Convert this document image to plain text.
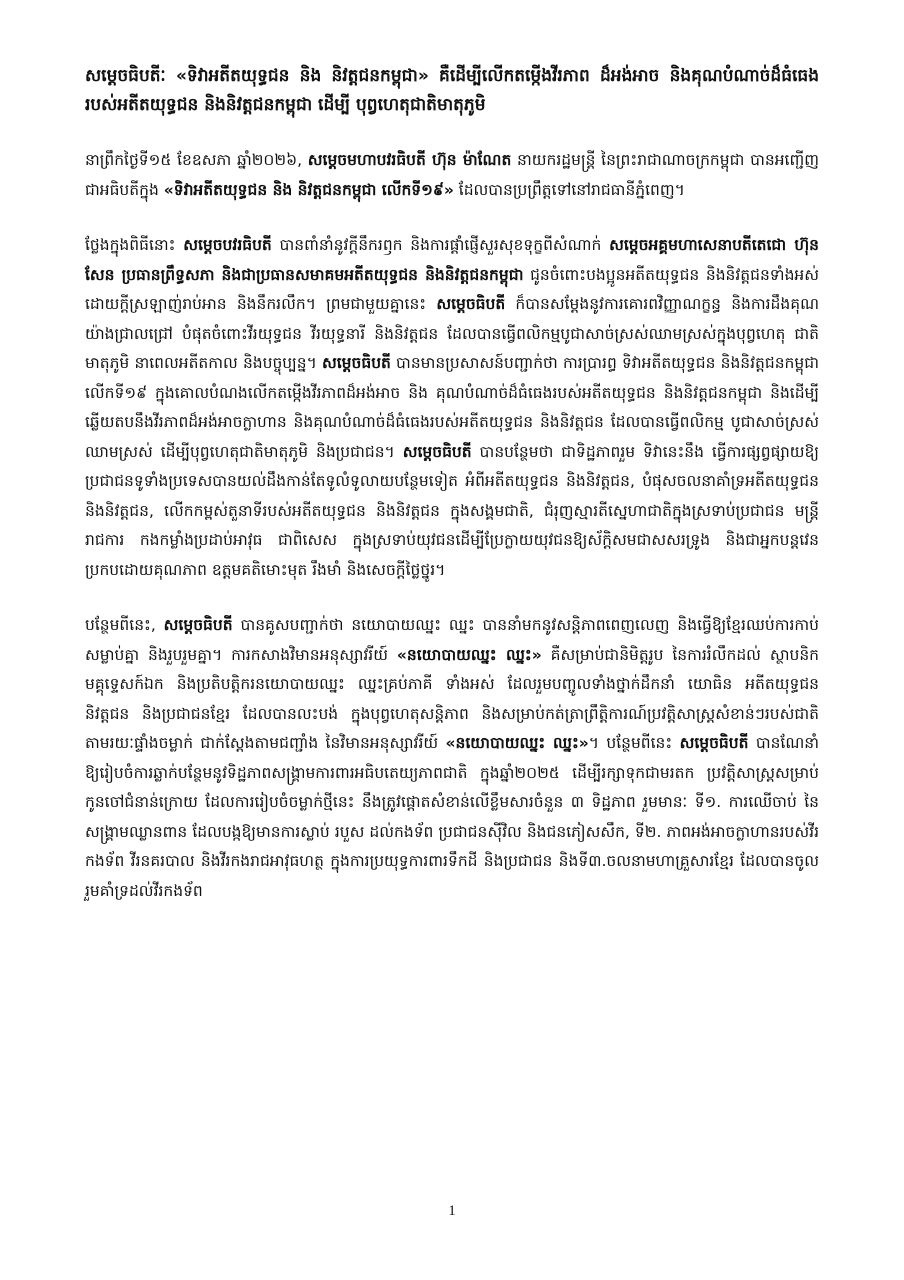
សម្តេចធិបតីៈ «ទិវាអតីតយុទ្ធជន និង និវត្តជនកម្ពុជា» គឺដើម្បីលើកតម្កើងវីរភាព ដ៏អង់អាច និងគុណបំណាច់ដ៏ធំធេងរបស់អតីតយុទ្ធជន និងនិវត្តជនកម្ពុជា ដើម្បី បុព្វហេតុជាតិមាតុភូមិ

នាព្រឹកថ្ងៃទី១៥ ខែឧសភា ឆ្នាំ២០២៦, សម្តេចមហាបវរធិបតី ហ៊ុន ម៉ាណែត នាយករដ្ឋមន្ត្រី នៃព្រះរាជាណាចក្រកម្ពុជា បានអញ្ជើញជាអធិបតីក្នុង «ទិវាអតីតយុទ្ធជន និង និវត្តជនកម្ពុជា លើកទី១៩» ដែលបានប្រព្រឹត្តទៅនៅរាជធានីភ្នំពេញ។

ថ្លែងក្នុងពិធីនោះ សម្តេចបវរធិបតី បានពាំនាំនូវក្តីនឹករឭក និងការផ្តាំផ្ញើសួរសុខទុក្ខពីសំណាក់ សម្តេចអគ្គមហាសេនាបតីតេជោ ហ៊ុន សែន ប្រធានព្រឹទ្ធសភា និងជាប្រធានសមាគមអតីតយុទ្ធជន និងនិវត្តជនកម្ពុជា ជូនចំពោះបងប្អូនអតីតយុទ្ធជន និងនិវត្តជនទាំងអស់ ដោយក្តីស្រឡាញ់រាប់អាន និងនឹករលឹក។ ព្រមជាមួយគ្នានេះ សម្តេចធិបតី ក៏បានសម្តែងនូវការគោរពវិញ្ញាណក្ខន្ធ និងការដឹងគុណយ៉ាងជ្រាលជ្រៅ បំផុតចំពោះវីរយុទ្ធជន វីរយុទ្ធនារី និងនិវត្តជន ដែលបានធ្វើពលិកម្មបូជាសាច់ស្រស់ឈាមស្រស់ក្នុងបុព្វហេតុ ជាតិមាតុភូមិ នាពេលអតីតកាល និងបច្ចុប្បន្ន។ សម្តេចធិបតី បានមានប្រសាសន៍បញ្ជាក់ថា ការប្រារព្ធ ទិវាអតីតយុទ្ធជន និងនិវត្តជនកម្ពុជា លើកទី១៩ ក្នុងគោលបំណងលើកតម្កើងវីរភាពដ៏អង់អាច និង គុណបំណាច់ដ៏ធំធេងរបស់អតីតយុទ្ធជន និងនិវត្តជនកម្ពុជា និងដើម្បីឆ្លើយតបនឹងវីរភាពដ៏អង់អាចក្លាហាន និងគុណបំណាច់ដ៏ធំធេងរបស់អតីតយុទ្ធជន និងនិវត្តជន ដែលបានធ្វើពលិកម្ម បូជាសាច់ស្រស់ ឈាមស្រស់ ដើម្បីបុព្វហេតុជាតិមាតុភូមិ និងប្រជាជន។ សម្តេចធិបតី បានបន្ថែមថា ជាទិដ្ឋភាពរួម ទិវានេះនឹង ធ្វើការផ្សព្វផ្សាយឱ្យប្រជាជនទូទាំងប្រទេសបានយល់ដឹងកាន់តែទូលំទូលាយបន្ថែមទៀត អំពីអតីតយុទ្ធជន និងនិវត្តជន, បំផុសចលនាគាំទ្រអតីតយុទ្ធជន និងនិវត្តជន, លើកកម្ពស់តួនាទីរបស់អតីតយុទ្ធជន និងនិវត្តជន ក្នុងសង្គមជាតិ, ជំរុញស្មារតីស្នេហាជាតិក្នុងស្រទាប់ប្រជាជន មន្ត្រីរាជការ កងកម្លាំងប្រដាប់អាវុធ ជាពិសេស ក្នុងស្រទាប់យុវជនដើម្បីប្រែក្លាយយុវជនឱ្យស័ក្តិសមជាសសរទ្រូង និងជាអ្នកបន្តវេនប្រកបដោយគុណភាព ឧត្តមគតិមោះមុត រឹងមាំ និងសេចក្តីថ្លៃថ្នូរ។

បន្ថែមពីនេះ, សម្តេចធិបតី បានគូសបញ្ជាក់ថា នយោបាយឈ្នះ ឈ្នះ បាននាំមកនូវសន្តិភាពពេញលេញ និងធ្វើឱ្យខ្មែរឈប់ការកាប់សម្លាប់គ្នា និងរួបរួមគ្នា។ ការកសាងវិមានអនុស្សាវរីយ៍ «នយោបាយឈ្នះ ឈ្នះ» គឺសម្រាប់ជានិមិត្តរូប នៃការរំលឹកដល់ ស្ថាបនិកមគ្គុទ្ទេសក៍ឯក និងប្រតិបត្តិករនយោបាយឈ្នះ ឈ្នះគ្រប់ភាគី ទាំងអស់ ដែលរួមបញ្ចូលទាំងថ្នាក់ដឹកនាំ យោធិន អតីតយុទ្ធជន និវត្តជន និងប្រជាជនខ្មែរ ដែលបានលះបង់ ក្នុងបុព្វហេតុសន្តិភាព និងសម្រាប់កត់ត្រាព្រឹត្តិការណ៍ប្រវត្តិសាស្ត្រសំខាន់ៗរបស់ជាតិ តាមរយៈផ្ទាំងចម្លាក់ ជាក់ស្តែងតាមជញ្ជាំង នៃវិមានអនុស្សាវរីយ៍ «នយោបាយឈ្នះ ឈ្នះ»។ បន្ថែមពីនេះ សម្តេចធិបតី បានណែនាំ ឱ្យរៀបចំការឆ្លាក់បន្ថែមនូវទិដ្ឋភាពសង្គ្រាមការពារអធិបតេយ្យភាពជាតិ ក្នុងឆ្នាំ២០២៥ ដើម្បីរក្សាទុកជាមរតក ប្រវត្តិសាស្ត្រសម្រាប់កូនចៅជំនាន់ក្រោយ ដែលការរៀបចំចម្លាក់ថ្មីនេះ នឹងត្រូវផ្តោតសំខាន់លើខ្លឹមសារចំនួន ៣ ទិដ្ឋភាព រួមមានៈ ទី១. ការឈើចាប់ នៃសង្គ្រាមឈ្លានពាន ដែលបង្កឱ្យមានការស្លាប់ របួស ដល់កងទ័ព ប្រជាជនស៊ីវិល និងជនភៀសសឹក, ទី២. ភាពអង់អាចក្លាហានរបស់វីរកងទ័ព វីរនគរបាល និងវីរកងរាជអាវុធហត្ថ ក្នុងការប្រយុទ្ធការពារទឹកដី និងប្រជាជន និងទី៣.ចលនាមហាគ្រួសារខ្មែរ ដែលបានចូលរួមគាំទ្រដល់វីរកងទ័ព

1
